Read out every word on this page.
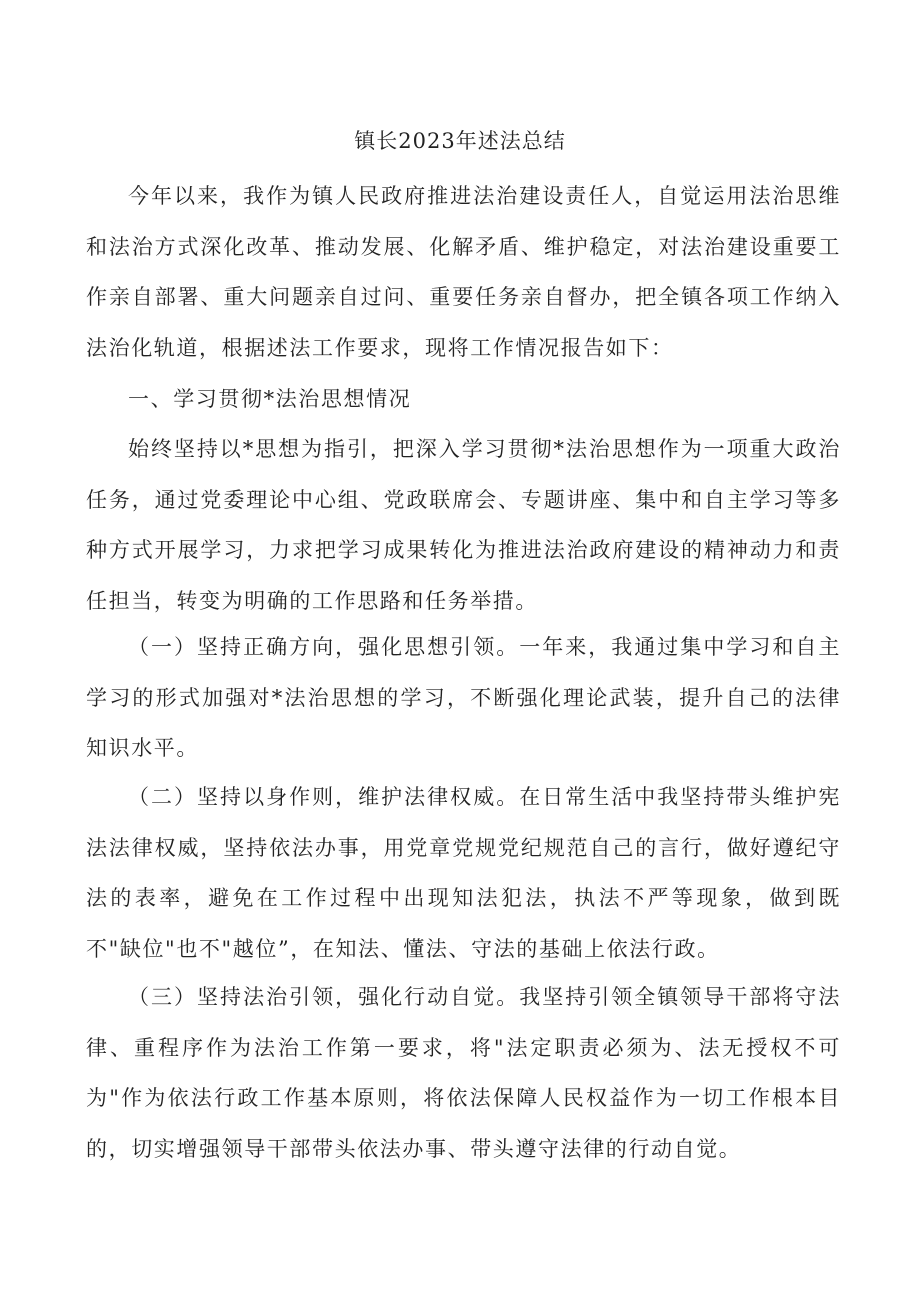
镇长2023年述法总结

今年以来，我作为镇人民政府推进法治建设责任人，自觉运用法治思维和法治方式深化改革、推动发展、化解矛盾、维护稳定，对法治建设重要工作亲自部署、重大问题亲自过问、重要任务亲自督办，把全镇各项工作纳入法治化轨道，根据述法工作要求，现将工作情况报告如下：

一、学习贯彻*法治思想情况

始终坚持以*思想为指引，把深入学习贯彻*法治思想作为一项重大政治任务，通过党委理论中心组、党政联席会、专题讲座、集中和自主学习等多种方式开展学习，力求把学习成果转化为推进法治政府建设的精神动力和责任担当，转变为明确的工作思路和任务举措。

（一）坚持正确方向，强化思想引领。一年来，我通过集中学习和自主学习的形式加强对*法治思想的学习，不断强化理论武装，提升自己的法律知识水平。

（二）坚持以身作则，维护法律权威。在日常生活中我坚持带头维护宪法法律权威，坚持依法办事，用党章党规党纪规范自己的言行，做好遵纪守法的表率，避免在工作过程中出现知法犯法，执法不严等现象，做到既不"缺位"也不"越位”，在知法、懂法、守法的基础上依法行政。

（三）坚持法治引领，强化行动自觉。我坚持引领全镇领导干部将守法律、重程序作为法治工作第一要求，将"法定职责必须为、法无授权不可为"作为依法行政工作基本原则，将依法保障人民权益作为一切工作根本目的，切实增强领导干部带头依法办事、带头遵守法律的行动自觉。
